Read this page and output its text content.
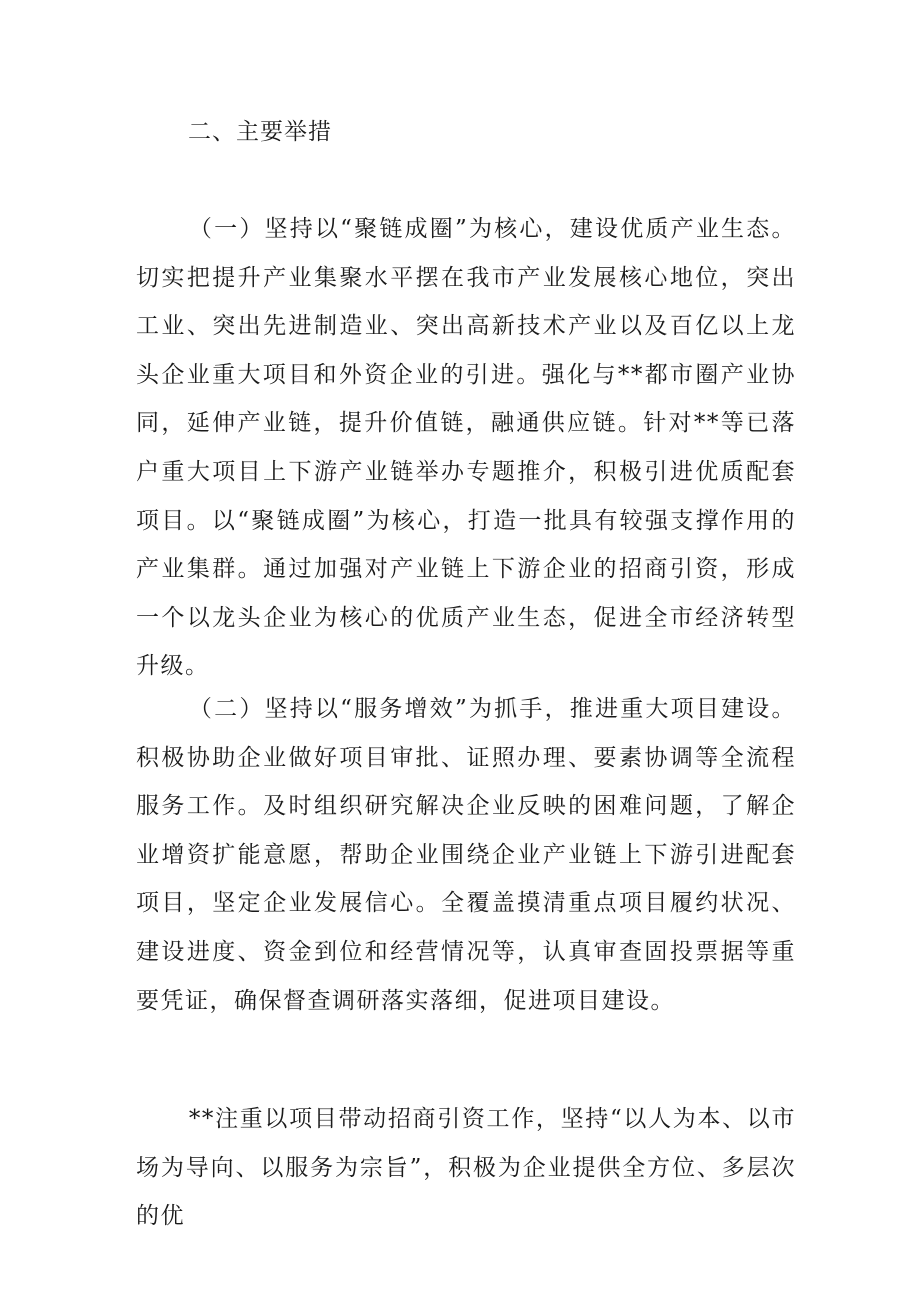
二、主要举措

（一）坚持以“聚链成圈”为核心，建设优质产业生态。切实把提升产业集聚水平摆在我市产业发展核心地位，突出工业、突出先进制造业、突出高新技术产业以及百亿以上龙头企业重大项目和外资企业的引进。强化与**都市圈产业协同，延伸产业链，提升价值链，融通供应链。针对**等已落户重大项目上下游产业链举办专题推介，积极引进优质配套项目。以“聚链成圈”为核心，打造一批具有较强支撑作用的产业集群。通过加强对产业链上下游企业的招商引资，形成一个以龙头企业为核心的优质产业生态，促进全市经济转型升级。

（二）坚持以“服务增效”为抓手，推进重大项目建设。积极协助企业做好项目审批、证照办理、要素协调等全流程服务工作。及时组织研究解决企业反映的困难问题，了解企业增资扩能意愿，帮助企业围绕企业产业链上下游引进配套项目，坚定企业发展信心。全覆盖摸清重点项目履约状况、建设进度、资金到位和经营情况等，认真审查固投票据等重要凭证，确保督查调研落实落细，促进项目建设。

**注重以项目带动招商引资工作，坚持“以人为本、以市场为导向、以服务为宗旨”，积极为企业提供全方位、多层次的优
